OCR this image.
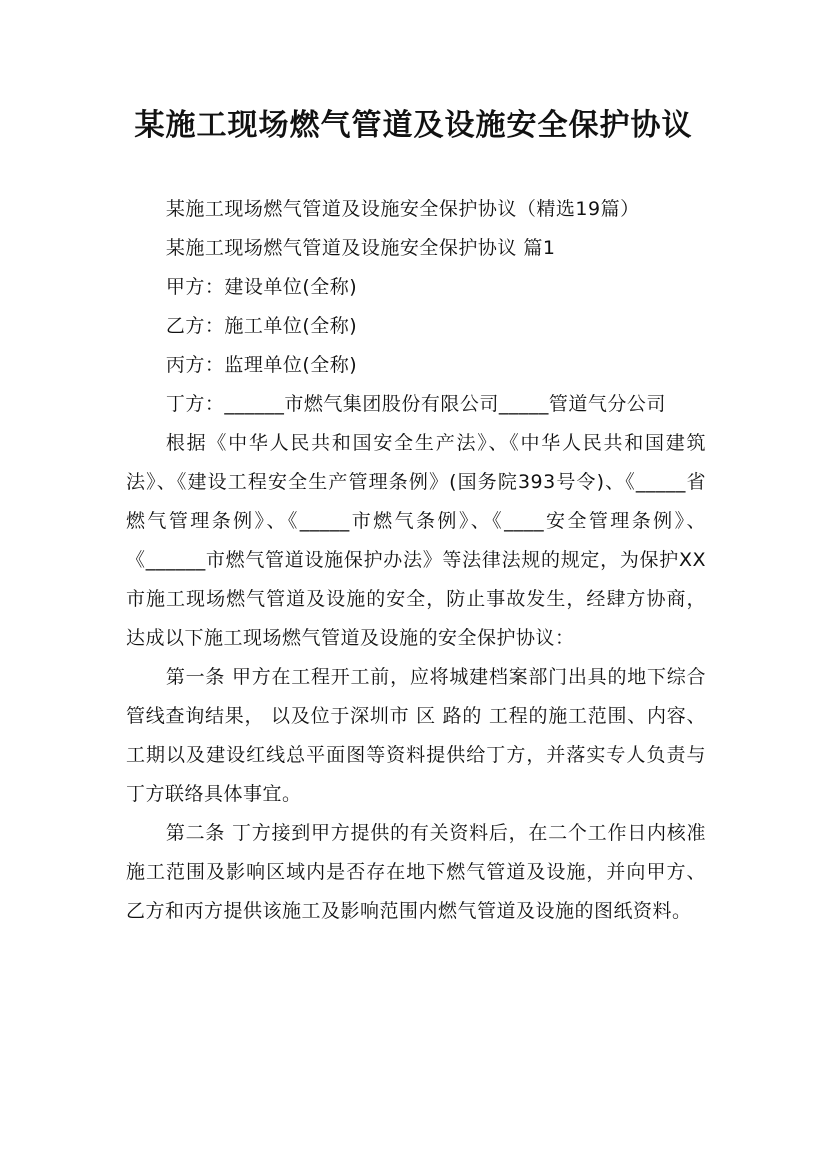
某施工现场燃气管道及设施安全保护协议

某施工现场燃气管道及设施安全保护协议（精选19篇）

某施工现场燃气管道及设施安全保护协议 篇1

甲方：建设单位(全称)

乙方：施工单位(全称)

丙方：监理单位(全称)

丁方：______市燃气集团股份有限公司_____管道气分公司

根据《中华人民共和国安全生产法》、《中华人民共和国建筑法》、《建设工程安全生产管理条例》(国务院393号令)、《_____省燃气管理条例》、《_____市燃气条例》、《____安全管理条例》、《______市燃气管道设施保护办法》等法律法规的规定，为保护XX市施工现场燃气管道及设施的安全，防止事故发生，经肆方协商，达成以下施工现场燃气管道及设施的安全保护协议：

第一条 甲方在工程开工前，应将城建档案部门出具的地下综合管线查询结果， 以及位于深圳市 区 路的 工程的施工范围、内容、工期以及建设红线总平面图等资料提供给丁方，并落实专人负责与丁方联络具体事宜。

第二条 丁方接到甲方提供的有关资料后，在二个工作日内核准施工范围及影响区域内是否存在地下燃气管道及设施，并向甲方、乙方和丙方提供该施工及影响范围内燃气管道及设施的图纸资料。
